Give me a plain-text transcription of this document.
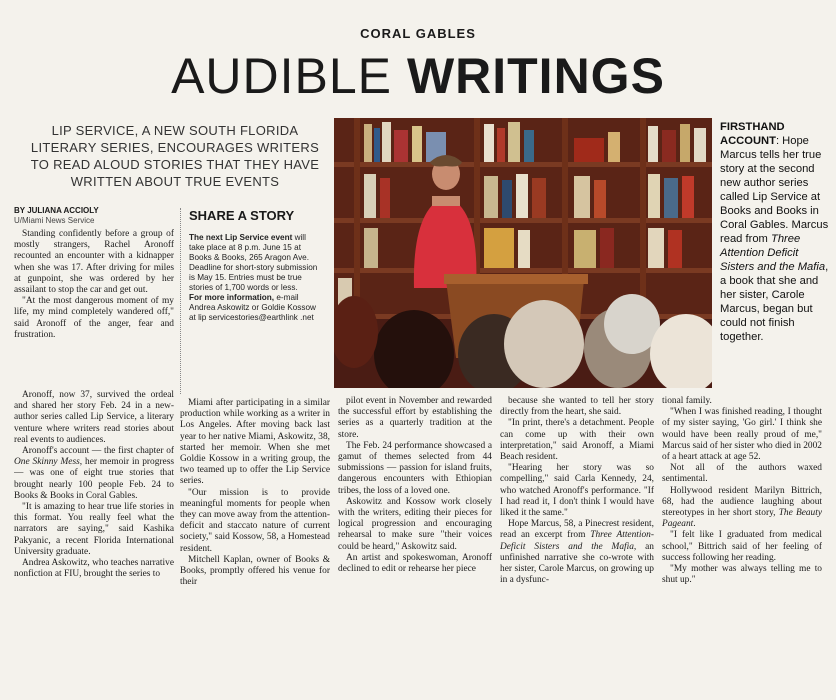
CORAL GABLES
AUDIBLE WRITINGS
LIP SERVICE, A NEW SOUTH FLORIDA LITERARY SERIES, ENCOURAGES WRITERS TO READ ALOUD STORIES THAT THEY HAVE WRITTEN ABOUT TRUE EVENTS
BY JULIANA ACCIOLY
U/Miami News Service

Standing confidently before a group of mostly strangers, Rachel Aronoff recounted an encounter with a kidnapper when she was 17. After driving for miles at gunpoint, she was ordered by her assailant to stop the car and get out.

"At the most dangerous moment of my life, my mind completely wandered off," said Aronoff of the anger, fear and frustration.

SHARE A STORY
The next Lip Service event will take place at 8 p.m. June 15 at Books & Books, 265 Aragon Ave. Deadline for short-story submission is May 15. Entries must be true stories of 1,700 words or less.
For more information, e-mail Andrea Askowitz or Goldie Kossow at lip servicestories@earthlink .net
FIRSTHAND ACCOUNT: Hope Marcus tells her true story at the second new author series called Lip Service at Books and Books in Coral Gables. Marcus read from Three Attention Deficit Sisters and the Mafia, a book that she and her sister, Carole Marcus, began but could not finish together.

Aronoff, now 37, survived the ordeal and shared her story Feb. 24 in a new-author series called Lip Service, a literary venture where writers read stories about real events to audiences.

Aronoff's account — the first chapter of One Skinny Mess, her memoir in progress — was one of eight true stories that brought nearly 100 people Feb. 24 to Books & Books in Coral Gables.

"It is amazing to hear true life stories in this format. You really feel what the narrators are saying," said Kashika Pakyanic, a recent Florida International University graduate.

Andrea Askowitz, who teaches narrative nonfiction at FIU, brought the series to

Miami after participating in a similar production while working as a writer in Los Angeles. After moving back last year to her native Miami, Askowitz, 38, started her memoir. When she met Goldie Kossow in a writing group, the two teamed up to offer the Lip Service series.

"Our mission is to provide meaningful moments for people when they can move away from the attention-deficit and staccato nature of current society," said Kossow, 58, a Homestead resident.

Mitchell Kaplan, owner of Books & Books, promptly offered his venue for their

pilot event in November and rewarded the successful effort by establishing the series as a quarterly tradition at the store.

The Feb. 24 performance showcased a gamut of themes selected from 44 submissions — passion for island fruits, dangerous encounters with Ethiopian tribes, the loss of a loved one.

Askowitz and Kossow work closely with the writers, editing their pieces for logical progression and encouraging rehearsal to make sure "their voices could be heard," Askowitz said.

An artist and spokeswoman, Aronoff declined to edit or rehearse her piece

because she wanted to tell her story directly from the heart, she said.

"In print, there's a detachment. People can come up with their own interpretation," said Aronoff, a Miami Beach resident.

"Hearing her story was so compelling," said Carla Kennedy, 24, who watched Aronoff's performance. "If I had read it, I don't think I would have liked it the same."

Hope Marcus, 58, a Pinecrest resident, read an excerpt from Three Attention-Deficit Sisters and the Mafia, an unfinished narrative she co-wrote with her sister, Carole Marcus, on growing up in a dysfunc-

tional family.

"When I was finished reading, I thought of my sister saying, 'Go girl.' I think she would have been really proud of me," Marcus said of her sister who died in 2002 of a heart attack at age 52.

Not all of the authors waxed sentimental.

Hollywood resident Marilyn Bittrich, 68, had the audience laughing about stereotypes in her short story, The Beauty Pageant.

"I felt like I graduated from medical school," Bittrich said of her feeling of success following her reading.

"My mother was always telling me to shut up."
